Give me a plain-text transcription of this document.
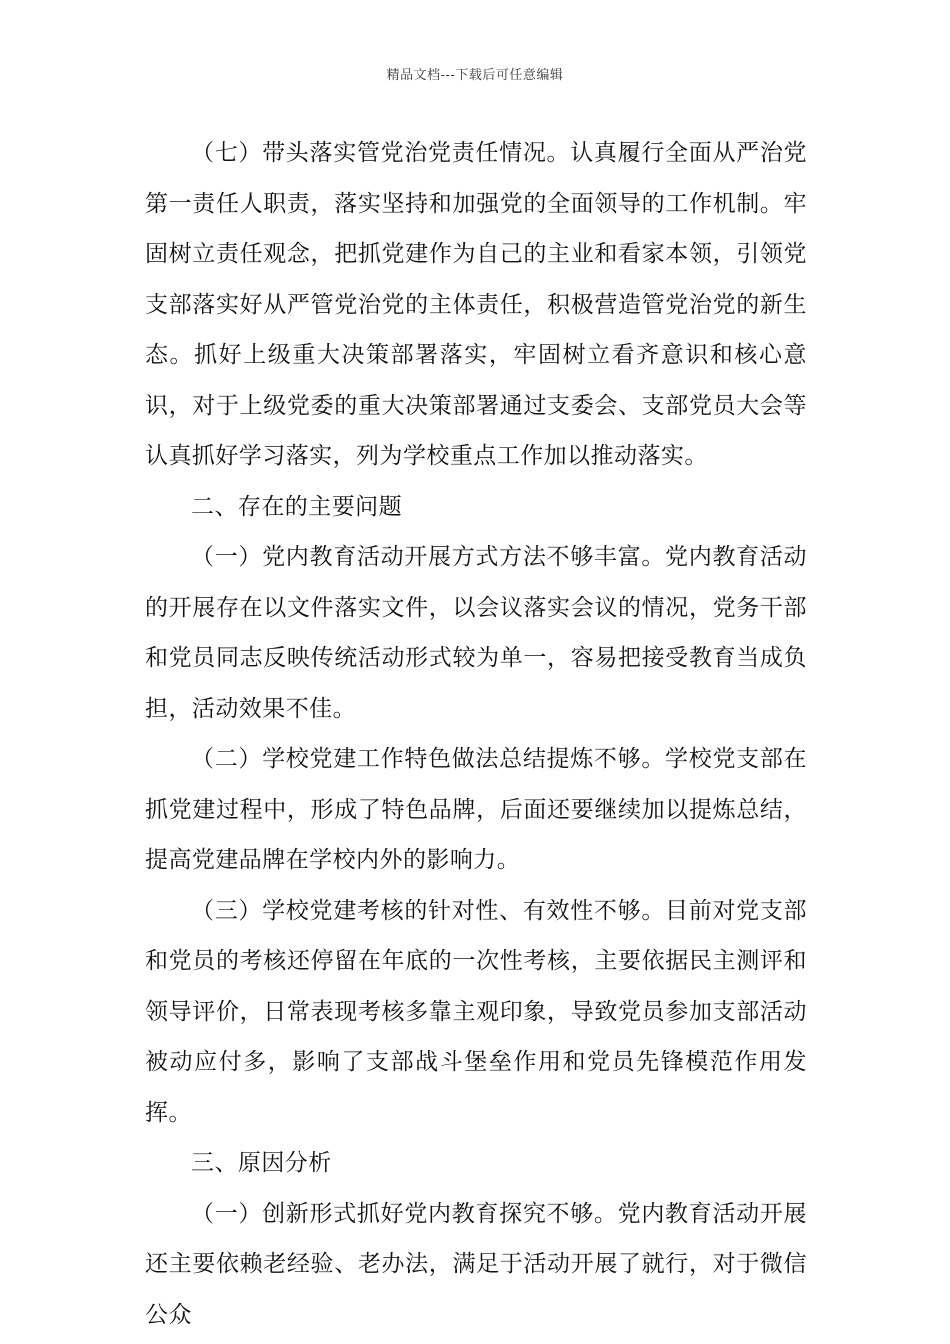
精品文档---下载后可任意编辑

（七）带头落实管党治党责任情况。认真履行全面从严治党第一责任人职责，落实坚持和加强党的全面领导的工作机制。牢固树立责任观念，把抓党建作为自己的主业和看家本领，引领党支部落实好从严管党治党的主体责任，积极营造管党治党的新生态。抓好上级重大决策部署落实，牢固树立看齐意识和核心意识，对于上级党委的重大决策部署通过支委会、支部党员大会等认真抓好学习落实，列为学校重点工作加以推动落实。

二、存在的主要问题

（一）党内教育活动开展方式方法不够丰富。党内教育活动的开展存在以文件落实文件，以会议落实会议的情况，党务干部和党员同志反映传统活动形式较为单一，容易把接受教育当成负担，活动效果不佳。

（二）学校党建工作特色做法总结提炼不够。学校党支部在抓党建过程中，形成了特色品牌，后面还要继续加以提炼总结，提高党建品牌在学校内外的影响力。

（三）学校党建考核的针对性、有效性不够。目前对党支部和党员的考核还停留在年底的一次性考核，主要依据民主测评和领导评价，日常表现考核多靠主观印象，导致党员参加支部活动被动应付多，影响了支部战斗堡垒作用和党员先锋模范作用发挥。

三、原因分析

（一）创新形式抓好党内教育探究不够。党内教育活动开展还主要依赖老经验、老办法，满足于活动开展了就行，对于微信公众
